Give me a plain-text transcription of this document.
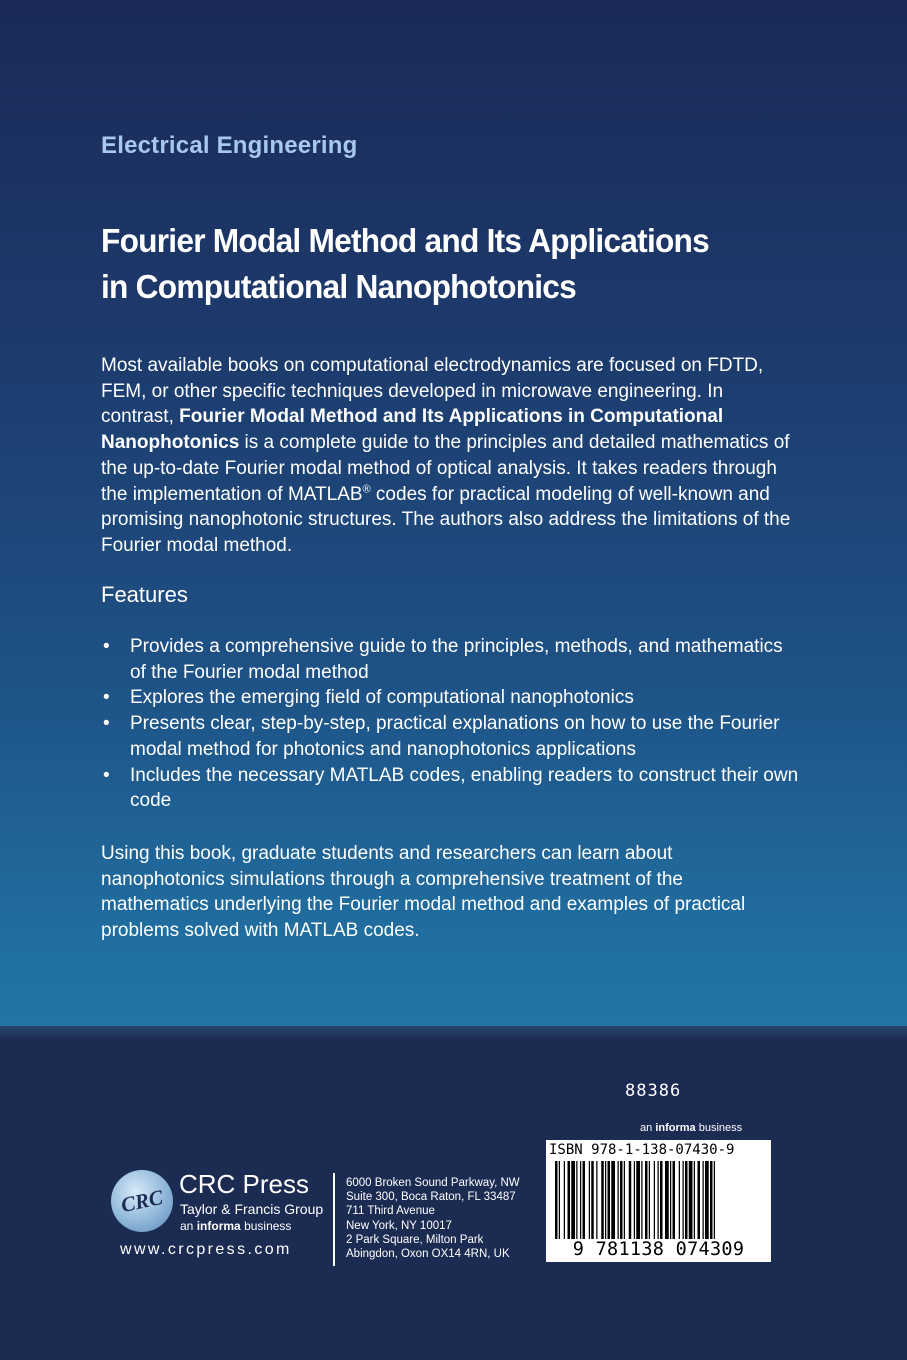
Electrical Engineering
Fourier Modal Method and Its Applications
in Computational Nanophotonics
Most available books on computational electrodynamics are focused on FDTD, FEM, or other specific techniques developed in microwave engineering. In contrast, Fourier Modal Method and Its Applications in Computational Nanophotonics is a complete guide to the principles and detailed mathematics of the up-to-date Fourier modal method of optical analysis. It takes readers through the implementation of MATLAB® codes for practical modeling of well-known and promising nanophotonic structures. The authors also address the limitations of the Fourier modal method.
Features
• Provides a comprehensive guide to the principles, methods, and mathematics of the Fourier modal method
• Explores the emerging field of computational nanophotonics
• Presents clear, step-by-step, practical explanations on how to use the Fourier modal method for photonics and nanophotonics applications
• Includes the necessary MATLAB codes, enabling readers to construct their own code
Using this book, graduate students and researchers can learn about nanophotonics simulations through a comprehensive treatment of the mathematics underlying the Fourier modal method and examples of practical problems solved with MATLAB codes.
88386
an informa business
CRC
CRC Press
Taylor & Francis Group
an informa business
www.crcpress.com
6000 Broken Sound Parkway, NW
Suite 300, Boca Raton, FL 33487
711 Third Avenue
New York, NY 10017
2 Park Square, Milton Park
Abingdon, Oxon OX14 4RN, UK
ISBN 978-1-138-07430-9
9 781138 074309
